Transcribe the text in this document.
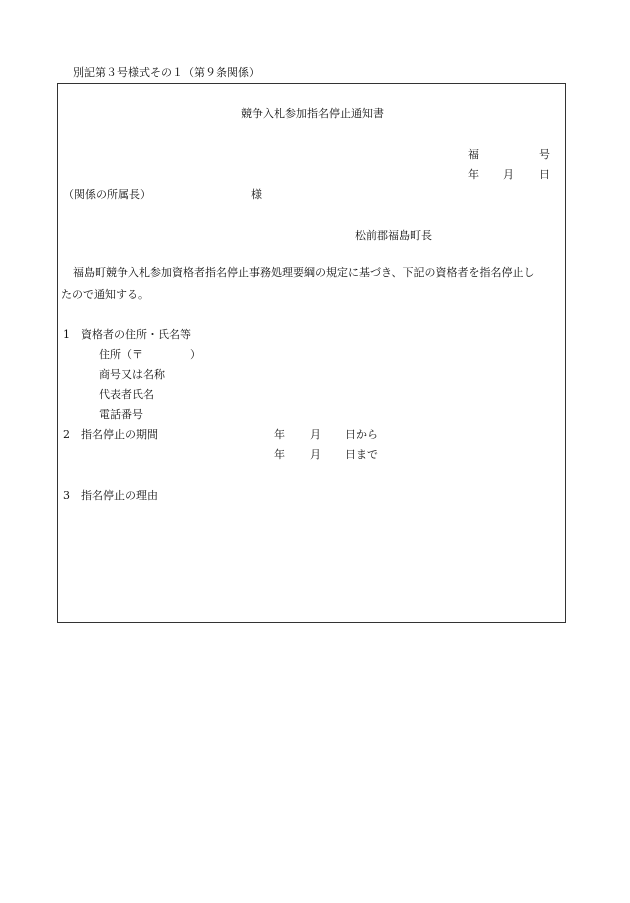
別記第３号様式その１（第９条関係）
競争入札参加指名停止通知書
福	号
年 月 日
（関係の所属長）	様
松前郡福島町長
福島町競争入札参加資格者指名停止事務処理要綱の規定に基づき、下記の資格者を指名停止し
たので通知する。
1 資格者の住所・氏名等
住所（〒	）
商号又は名称
代表者氏名
電話番号
2 指名停止の期間	年 月 日から
年 月 日まで
3 指名停止の理由
